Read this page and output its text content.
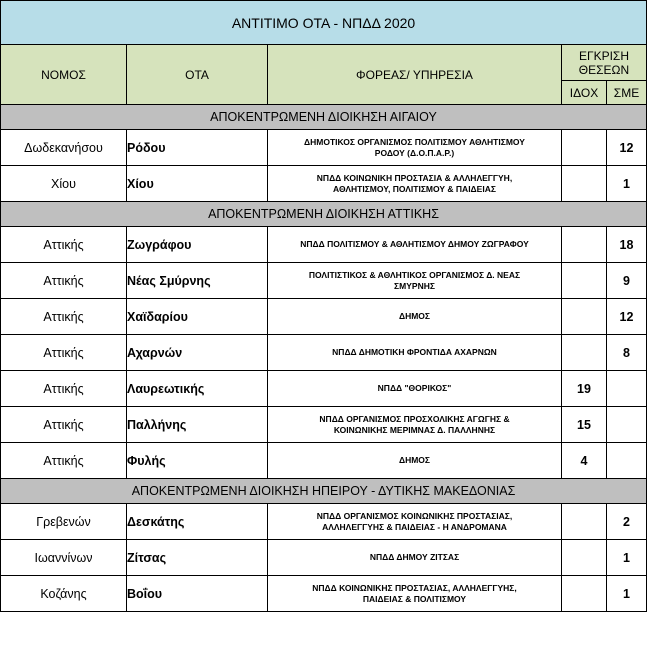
ΑΝΤΙΤΙΜΟ ΟΤΑ - ΝΠΔΔ 2020				
ΝΟΜΟΣ	ΟΤΑ	ΦΟΡΕΑΣ/ ΥΠΗΡΕΣΙΑ	ΕΓΚΡΙΣΗ
ΘΕΣΕΩΝ	
			ΙΔΟΧ	ΣΜΕ
ΑΠΟΚΕΝΤΡΩΜΕΝΗ ΔΙΟΙΚΗΣΗ ΑΙΓΑΙΟΥ				
Δωδεκανήσου	Ρόδου	ΔΗΜΟΤΙΚΟΣ ΟΡΓΑΝΙΣΜΟΣ ΠΟΛΙΤΙΣΜΟΥ ΑΘΛΗΤΙΣΜΟΥ
ΡΟΔΟΥ (Δ.Ο.Π.Α.Ρ.)		12
Χίου	Χίου	ΝΠΔΔ ΚΟΙΝΩΝΙΚΗ ΠΡΟΣΤΑΣΙΑ & ΑΛΛΗΛΕΓΓΥΗ,
ΑΘΛΗΤΙΣΜΟΥ, ΠΟΛΙΤΙΣΜΟΥ & ΠΑΙΔΕΙΑΣ		1
ΑΠΟΚΕΝΤΡΩΜΕΝΗ ΔΙΟΙΚΗΣΗ ΑΤΤΙΚΗΣ				
Αττικής	Ζωγράφου	ΝΠΔΔ ΠΟΛΙΤΙΣΜΟΥ & ΑΘΛΗΤΙΣΜΟΥ ΔΗΜΟΥ ΖΩΓΡΑΦΟΥ		18
Αττικής	Νέας Σμύρνης	ΠΟΛΙΤΙΣΤΙΚΟΣ & ΑΘΛΗΤΙΚΟΣ ΟΡΓΑΝΙΣΜΟΣ Δ. ΝΕΑΣ
ΣΜΥΡΝΗΣ		9
Αττικής	Χαϊδαρίου	ΔΗΜΟΣ		12
Αττικής	Αχαρνών	ΝΠΔΔ ΔΗΜΟΤΙΚΗ ΦΡΟΝΤΙΔΑ ΑΧΑΡΝΩΝ		8
Αττικής	Λαυρεωτικής	ΝΠΔΔ "ΘΟΡΙΚΟΣ"	19	
Αττικής	Παλλήνης	ΝΠΔΔ ΟΡΓΑΝΙΣΜΟΣ ΠΡΟΣΧΟΛΙΚΗΣ ΑΓΩΓΗΣ &
ΚΟΙΝΩΝΙΚΗΣ ΜΕΡΙΜΝΑΣ Δ. ΠΑΛΛΗΝΗΣ	15	
Αττικής	Φυλής	ΔΗΜΟΣ	4	
ΑΠΟΚΕΝΤΡΩΜΕΝΗ ΔΙΟΙΚΗΣΗ ΗΠΕΙΡΟΥ - ΔΥΤΙΚΗΣ ΜΑΚΕΔΟΝΙΑΣ				
Γρεβενών	Δεσκάτης	ΝΠΔΔ ΟΡΓΑΝΙΣΜΟΣ ΚΟΙΝΩΝΙΚΗΣ ΠΡΟΣΤΑΣΙΑΣ,
ΑΛΛΗΛΕΓΓΥΗΣ & ΠΑΙΔΕΙΑΣ - Η ΑΝΔΡΟΜΑΝΑ		2
Ιωαννίνων	Ζίτσας	ΝΠΔΔ ΔΗΜΟΥ ΖΙΤΣΑΣ		1
Κοζάνης	Βοΐου	ΝΠΔΔ ΚΟΙΝΩΝΙΚΗΣ ΠΡΟΣΤΑΣΙΑΣ, ΑΛΛΗΛΕΓΓΥΗΣ,
ΠΑΙΔΕΙΑΣ & ΠΟΛΙΤΙΣΜΟΥ		1
